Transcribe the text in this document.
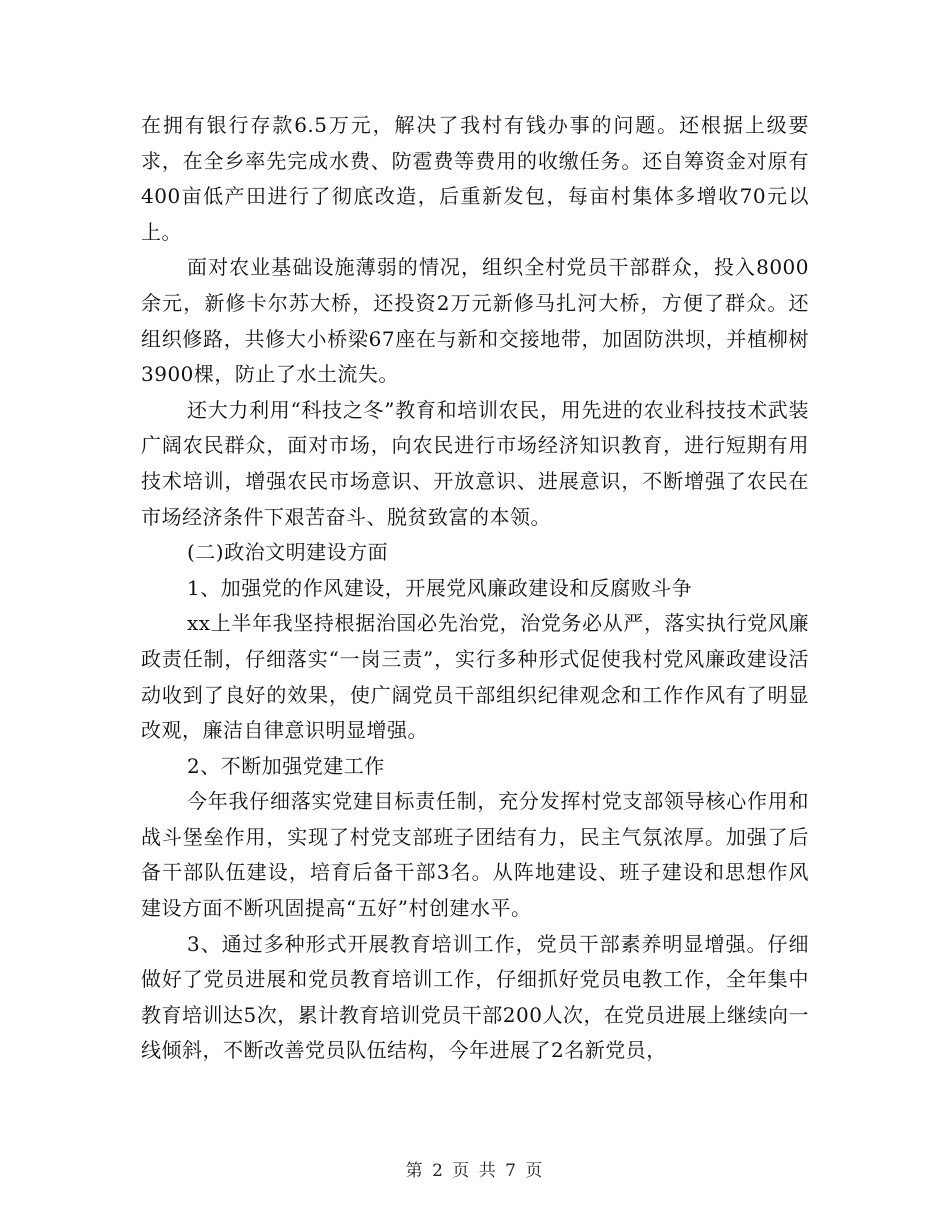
在拥有银行存款6.5万元，解决了我村有钱办事的问题。还根据上级要求，在全乡率先完成水费、防雹费等费用的收缴任务。还自筹资金对原有400亩低产田进行了彻底改造，后重新发包，每亩村集体多增收70元以上。

面对农业基础设施薄弱的情况，组织全村党员干部群众，投入8000余元，新修卡尔苏大桥，还投资2万元新修马扎河大桥，方便了群众。还组织修路，共修大小桥梁67座在与新和交接地带，加固防洪坝，并植柳树3900棵，防止了水土流失。

还大力利用“科技之冬”教育和培训农民，用先进的农业科技技术武装广阔农民群众，面对市场，向农民进行市场经济知识教育，进行短期有用技术培训，增强农民市场意识、开放意识、进展意识，不断增强了农民在市场经济条件下艰苦奋斗、脱贫致富的本领。

(二)政治文明建设方面

1、加强党的作风建设，开展党风廉政建设和反腐败斗争

xx上半年我坚持根据治国必先治党，治党务必从严，落实执行党风廉政责任制，仔细落实“一岗三责”，实行多种形式促使我村党风廉政建设活动收到了良好的效果，使广阔党员干部组织纪律观念和工作作风有了明显改观，廉洁自律意识明显增强。

2、不断加强党建工作

今年我仔细落实党建目标责任制，充分发挥村党支部领导核心作用和战斗堡垒作用，实现了村党支部班子团结有力，民主气氛浓厚。加强了后备干部队伍建设，培育后备干部3名。从阵地建设、班子建设和思想作风建设方面不断巩固提高“五好”村创建水平。

3、通过多种形式开展教育培训工作，党员干部素养明显增强。仔细做好了党员进展和党员教育培训工作，仔细抓好党员电教工作，全年集中教育培训达5次，累计教育培训党员干部200人次，在党员进展上继续向一线倾斜，不断改善党员队伍结构，今年进展了2名新党员，

第 2 页 共 7 页
